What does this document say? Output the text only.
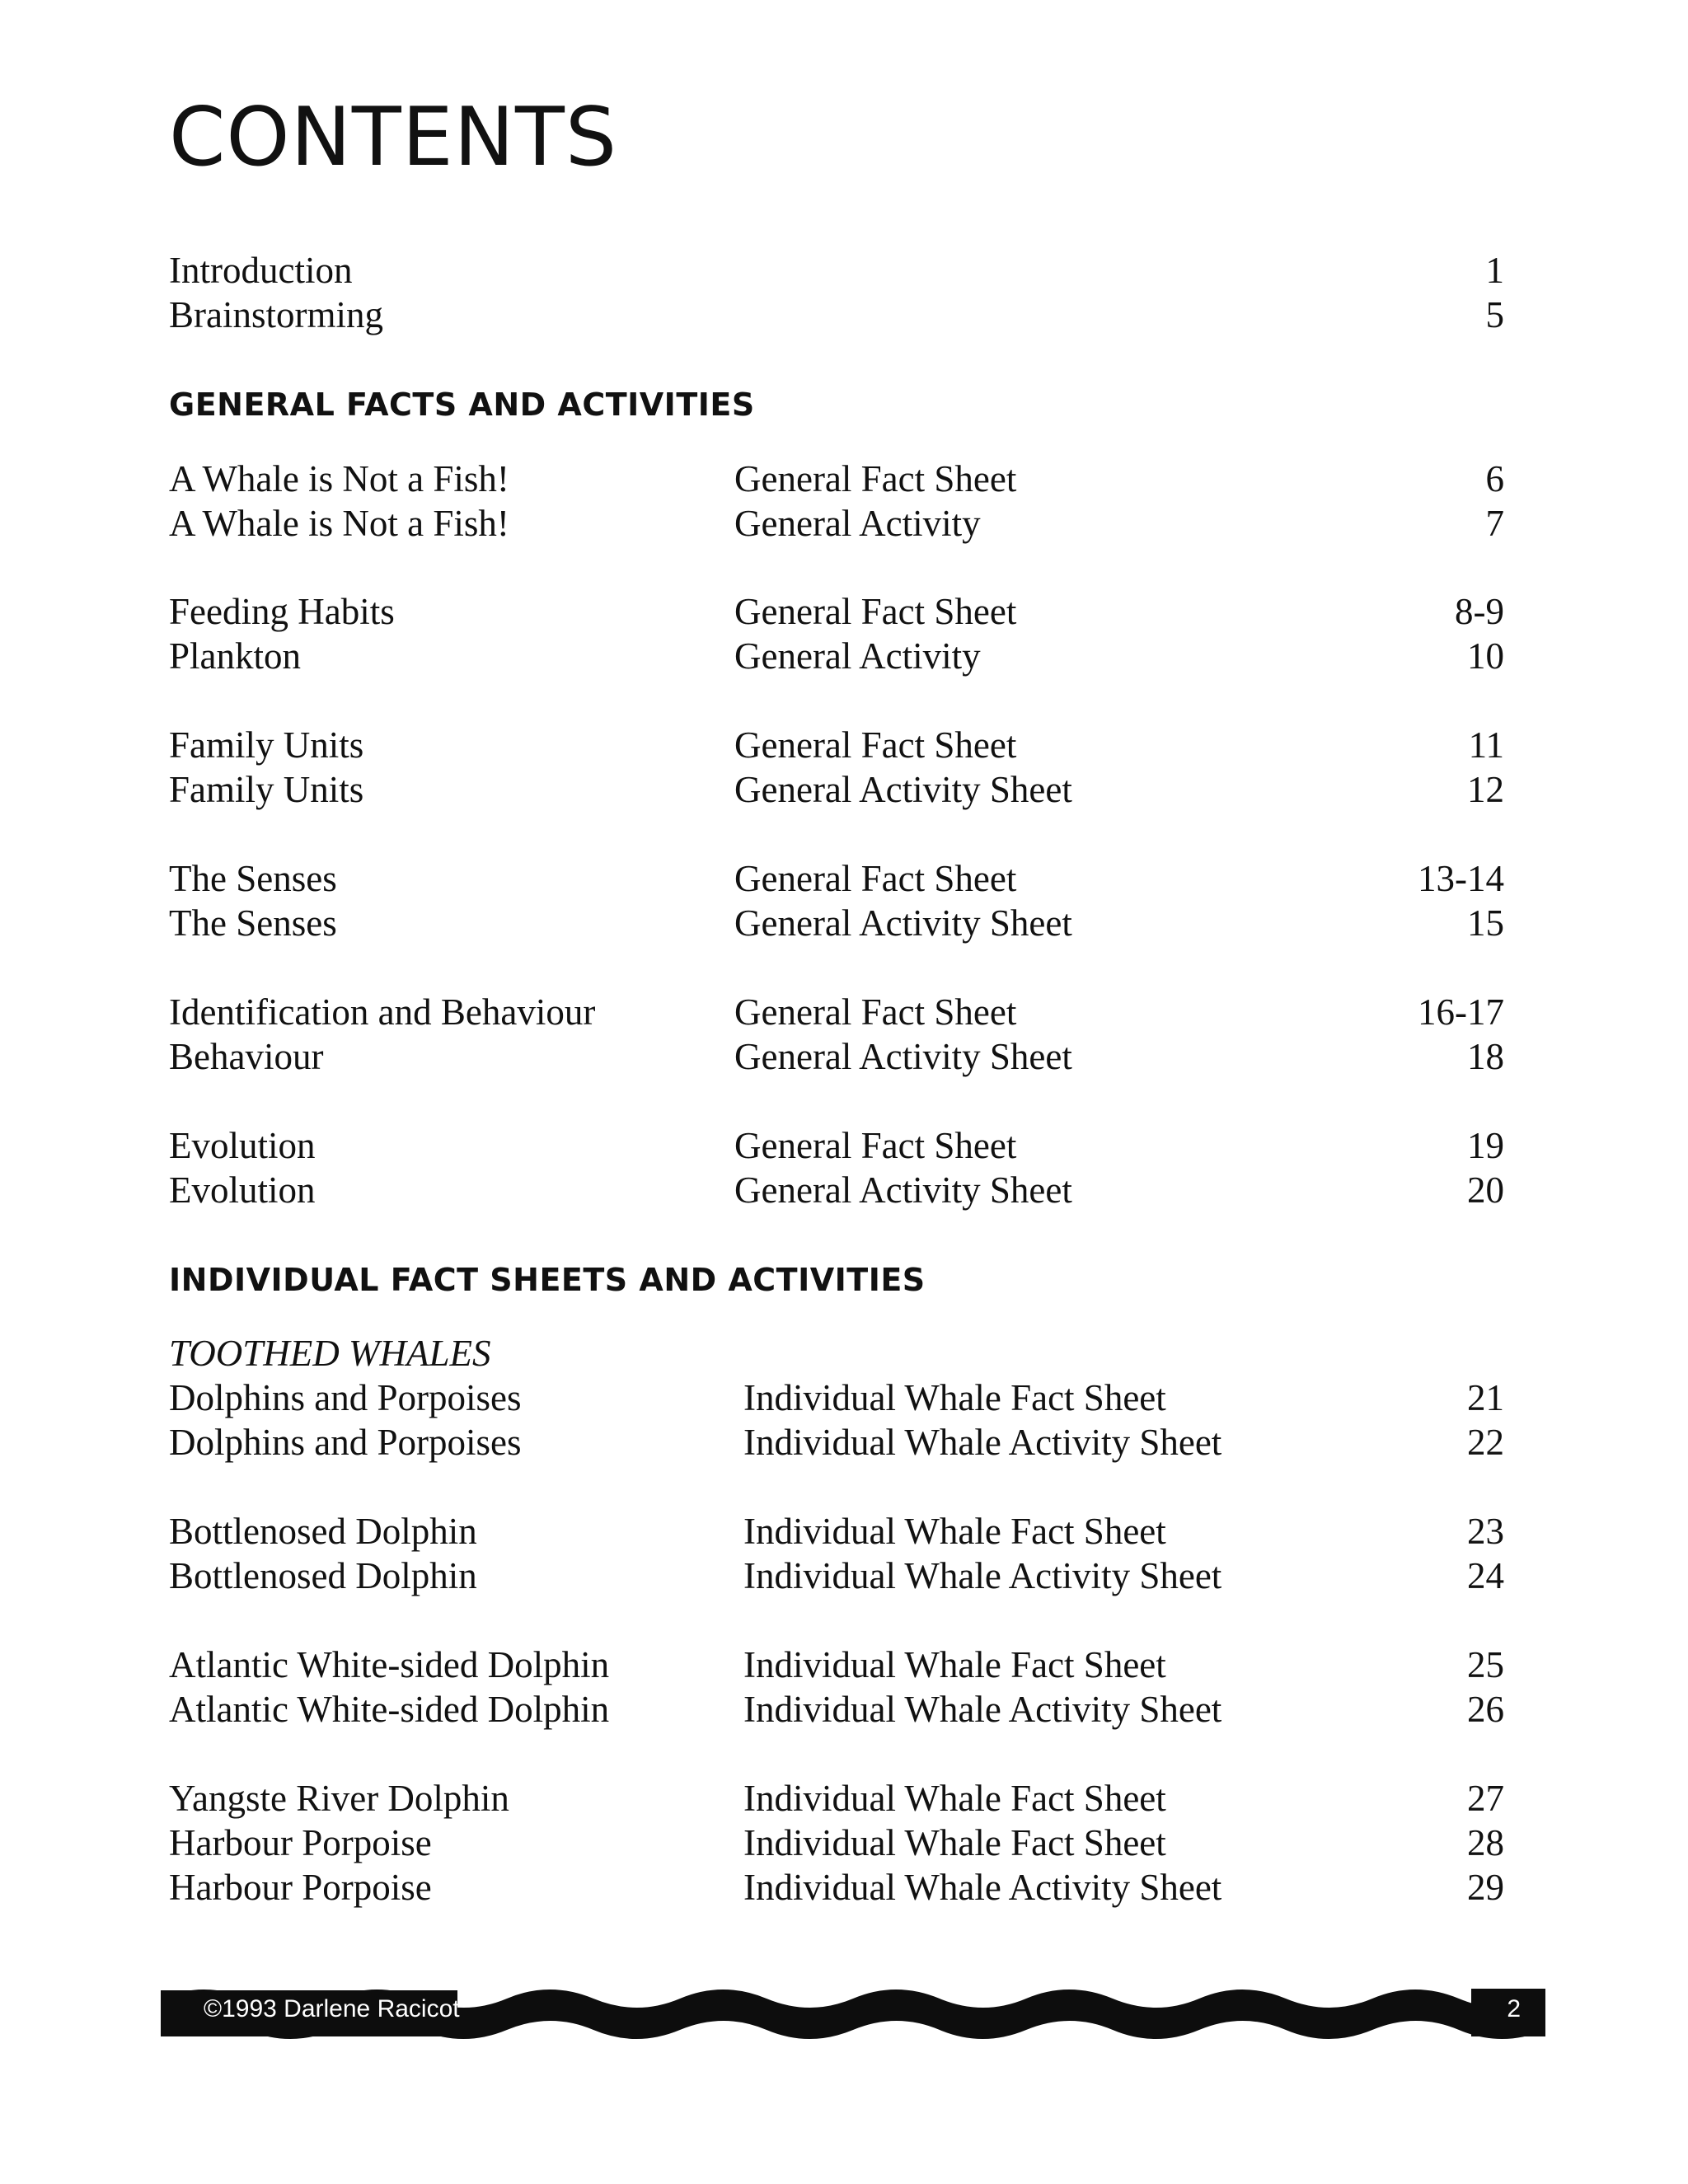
CONTENTS
Introduction	1
Brainstorming	5
GENERAL FACTS AND ACTIVITIES
A Whale is Not a Fish!	General Fact Sheet	6
A Whale is Not a Fish!	General Activity	7
Feeding Habits	General Fact Sheet	8-9
Plankton	General Activity	10
Family Units	General Fact Sheet	11
Family Units	General Activity Sheet	12
The Senses	General Fact Sheet	13-14
The Senses	General Activity Sheet	15
Identification and Behaviour	General Fact Sheet	16-17
Behaviour	General Activity Sheet	18
Evolution	General Fact Sheet	19
Evolution	General Activity Sheet	20
INDIVIDUAL FACT SHEETS AND ACTIVITIES
TOOTHED WHALES
Dolphins and Porpoises	Individual Whale Fact Sheet	21
Dolphins and Porpoises	Individual Whale Activity Sheet	22
Bottlenosed Dolphin	Individual Whale Fact Sheet	23
Bottlenosed Dolphin	Individual Whale Activity Sheet	24
Atlantic White-sided Dolphin	Individual Whale Fact Sheet	25
Atlantic White-sided Dolphin	Individual Whale Activity Sheet	26
Yangste River Dolphin	Individual Whale Fact Sheet	27
Harbour Porpoise	Individual Whale Fact Sheet	28
Harbour Porpoise	Individual Whale Activity Sheet	29
©1993 Darlene Racicot	2
